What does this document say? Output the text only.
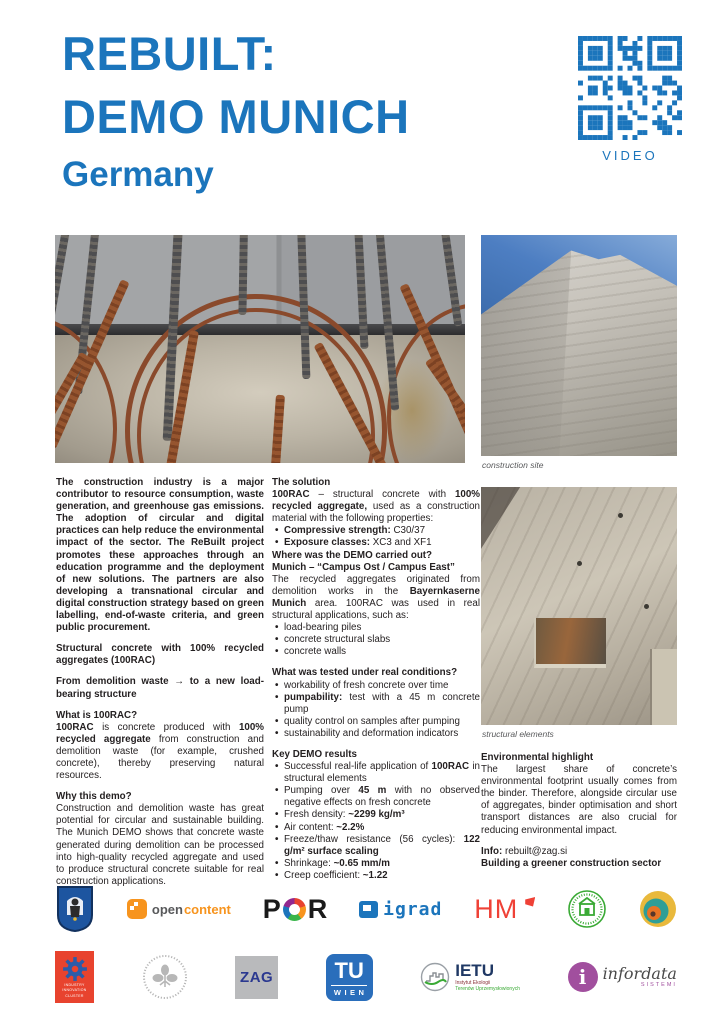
REBUILT:
DEMO MUNICH
Germany	VIDEO

The construction industry is a major contributor to resource consumption, waste generation, and greenhouse gas emissions. The adoption of circular and digital practices can help reduce the environmental impact of the sector. The ReBuilt project promotes these approaches through an education programme and the deployment of new solutions. The partners are also developing a transnational circular and digital construction strategy based on green labelling, end-of-waste criteria, and green public procurement.

Structural concrete with 100% recycled aggregates (100RAC)

From demolition waste → to a new load-bearing structure

What is 100RAC?

100RAC is concrete produced with 100% recycled aggregate from construction and demolition waste (for example, crushed concrete), thereby preserving natural resources.

Why this demo?

Construction and demolition waste has great potential for circular and sustainable building. The Munich DEMO shows that concrete waste generated during demolition can be processed into high-quality recycled aggregate and used to produce structural concrete suitable for real construction applications.

The solution

100RAC – structural concrete with 100% recycled aggregate, used as a construction material with the following properties:

• Compressive strength: C30/37
• Exposure classes: XC3 and XF1

Where was the DEMO carried out?

Munich – “Campus Ost / Campus East”

The recycled aggregates originated from demolition works in the Bayernkaserne Munich area. 100RAC was used in real structural applications, such as:

• load-bearing piles
• concrete structural slabs
• concrete walls

What was tested under real conditions?

• workability of fresh concrete over time
• pumpability: test with a 45 m concrete pump
• quality control on samples after pumping
• sustainability and deformation indicators

Key DEMO results

• Successful real-life application of 100RAC in structural elements
• Pumping over 45 m with no observed negative effects on fresh concrete
• Fresh density: ~2299 kg/m³
• Air content: ~2.2%
• Freeze/thaw resistance (56 cycles): 122 g/m² surface scaling
• Shrinkage: ~0.65 mm/m
• Creep coefficient: ~1.22
construction site
structural elements

Environmental highlight

The largest share of concrete’s environmental footprint usually comes from the binder. Therefore, alongside circular use of aggregates, binder optimisation and short transport distances are also crucial for reducing environmental impact.

Info: rebuilt@zag.si

Building a greener construction sector

open content P R	igrad HM
INDUSTRY
INNOVATION
CLUSTER
ZAG	TU
WIEN
IETU
Instytut Ekologii
Terenów Uprzemysłowionych	i	infordata
SISTEMI
